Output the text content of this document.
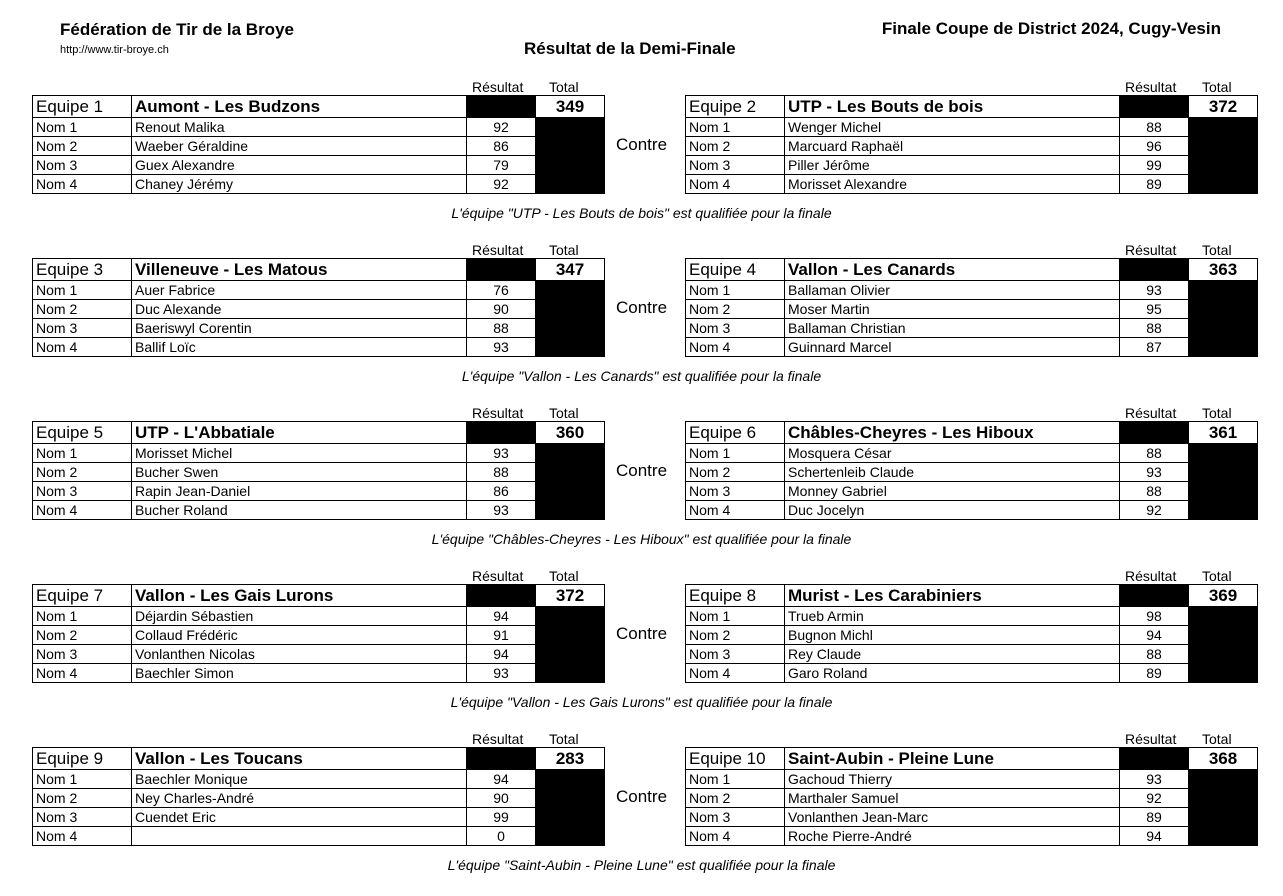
Fédération de Tir de la Broye
http://www.tir-broye.ch
Finale Coupe de District 2024, Cugy-Vesin
Résultat de la Demi-Finale
Résultat Total
Equipe 1	Aumont - Les Budzons		349
Nom 1	Renout Malika	92	
Nom 2	Waeber Géraldine	86	
Nom 3	Guex Alexandre	79	
Nom 4	Chaney Jérémy	92	
Résultat Total
Equipe 2	UTP - Les Bouts de bois		372
Nom 1	Wenger Michel	88	
Nom 2	Marcuard Raphaël	96	
Nom 3	Piller Jérôme	99	
Nom 4	Morisset Alexandre	89	
Contre
L'équipe "UTP - Les Bouts de bois" est qualifiée pour la finale
Résultat Total
Equipe 3	Villeneuve - Les Matous		347
Nom 1	Auer Fabrice	76	
Nom 2	Duc Alexande	90	
Nom 3	Baeriswyl Corentin	88	
Nom 4	Ballif Loïc	93	
Résultat Total
Equipe 4	Vallon - Les Canards		363
Nom 1	Ballaman Olivier	93	
Nom 2	Moser Martin	95	
Nom 3	Ballaman Christian	88	
Nom 4	Guinnard Marcel	87	
Contre
L'équipe "Vallon - Les Canards" est qualifiée pour la finale
Résultat Total
Equipe 5	UTP - L'Abbatiale		360
Nom 1	Morisset Michel	93	
Nom 2	Bucher Swen	88	
Nom 3	Rapin Jean-Daniel	86	
Nom 4	Bucher Roland	93	
Résultat Total
Equipe 6	Châbles-Cheyres - Les Hiboux		361
Nom 1	Mosquera César	88	
Nom 2	Schertenleib Claude	93	
Nom 3	Monney Gabriel	88	
Nom 4	Duc Jocelyn	92	
Contre
L'équipe "Châbles-Cheyres - Les Hiboux" est qualifiée pour la finale
Résultat Total
Equipe 7	Vallon - Les Gais Lurons		372
Nom 1	Déjardin Sébastien	94	
Nom 2	Collaud Frédéric	91	
Nom 3	Vonlanthen Nicolas	94	
Nom 4	Baechler Simon	93	
Résultat Total
Equipe 8	Murist - Les Carabiniers		369
Nom 1	Trueb Armin	98	
Nom 2	Bugnon Michl	94	
Nom 3	Rey Claude	88	
Nom 4	Garo Roland	89	
Contre
L'équipe "Vallon - Les Gais Lurons" est qualifiée pour la finale
Résultat Total
Equipe 9	Vallon - Les Toucans		283
Nom 1	Baechler Monique	94	
Nom 2	Ney Charles-André	90	
Nom 3	Cuendet Eric	99	
Nom 4		0	
Résultat Total
Equipe 10	Saint-Aubin - Pleine Lune		368
Nom 1	Gachoud Thierry	93	
Nom 2	Marthaler Samuel	92	
Nom 3	Vonlanthen Jean-Marc	89	
Nom 4	Roche Pierre-André	94	
Contre
L'équipe "Saint-Aubin - Pleine Lune" est qualifiée pour la finale
